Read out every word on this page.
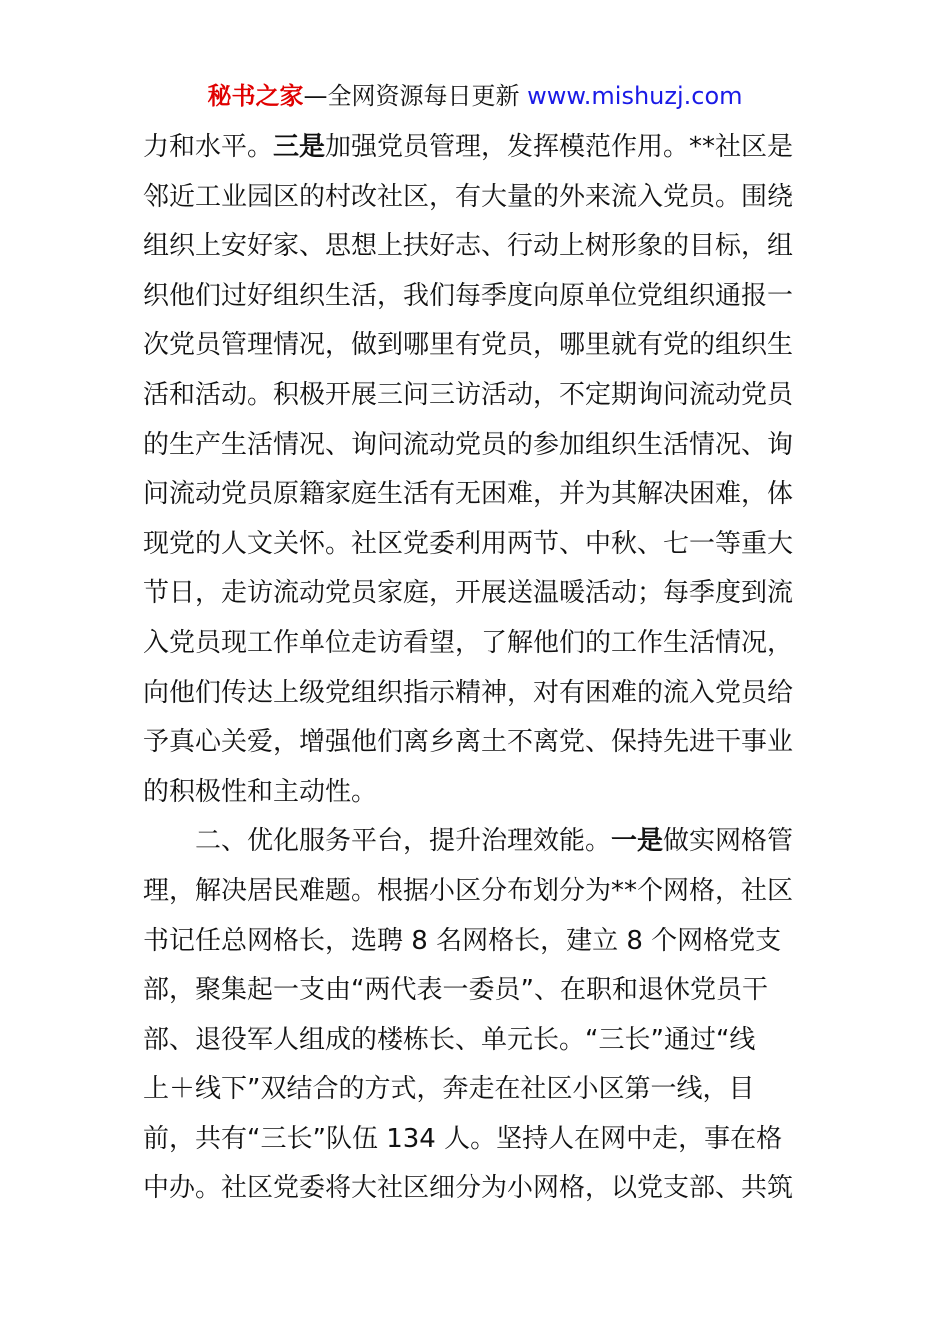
秘书之家—全网资源每日更新 www.mishuzj.com
力和水平。三是加强党员管理，发挥模范作用。**社区是
邻近工业园区的村改社区，有大量的外来流入党员。围绕
组织上安好家、思想上扶好志、行动上树形象的目标，组
织他们过好组织生活，我们每季度向原单位党组织通报一
次党员管理情况，做到哪里有党员，哪里就有党的组织生
活和活动。积极开展三问三访活动，不定期询问流动党员
的生产生活情况、询问流动党员的参加组织生活情况、询
问流动党员原籍家庭生活有无困难，并为其解决困难，体
现党的人文关怀。社区党委利用两节、中秋、七一等重大
节日，走访流动党员家庭，开展送温暖活动；每季度到流
入党员现工作单位走访看望，了解他们的工作生活情况，
向他们传达上级党组织指示精神，对有困难的流入党员给
予真心关爱，增强他们离乡离土不离党、保持先进干事业
的积极性和主动性。
二、优化服务平台，提升治理效能。一是做实网格管
理，解决居民难题。根据小区分布划分为**个网格，社区
书记任总网格长，选聘 8 名网格长，建立 8 个网格党支
部，聚集起一支由“两代表一委员”、在职和退休党员干
部、退役军人组成的楼栋长、单元长。“三长”通过“线
上＋线下”双结合的方式，奔走在社区小区第一线，目
前，共有“三长”队伍 134 人。坚持人在网中走，事在格
中办。社区党委将大社区细分为小网格，以党支部、共筑
